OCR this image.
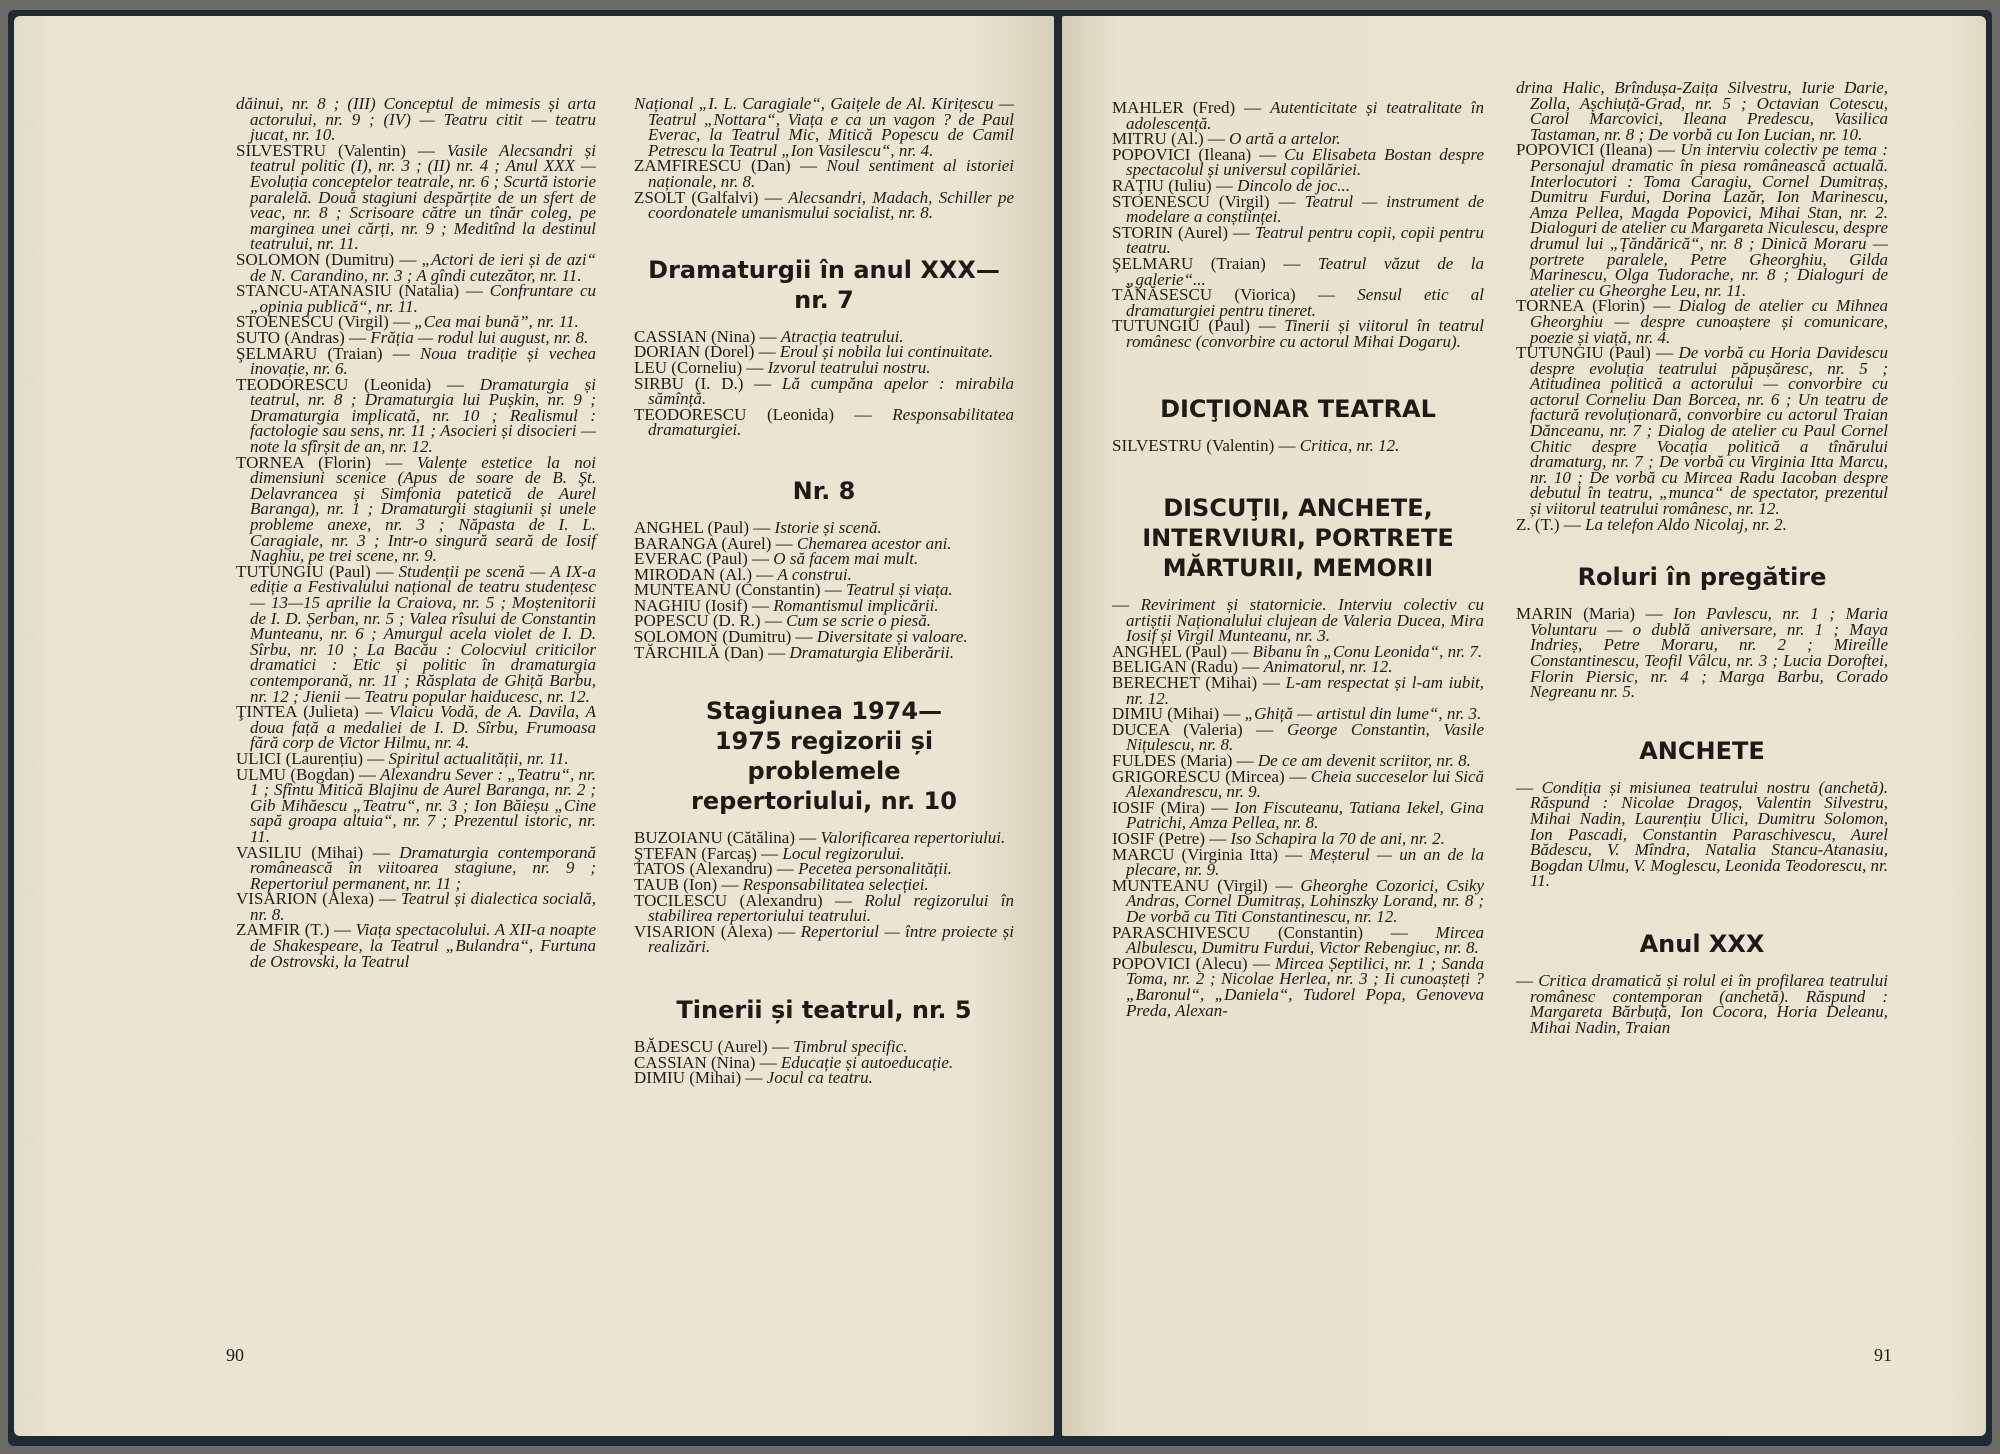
dăinui, nr. 8 ; (III) Conceptul de mimesis și arta actorului, nr. 9 ; (IV) — Teatru citit — teatru jucat, nr. 10.
SILVESTRU (Valentin) — Vasile Alecsandri și teatrul politic (I), nr. 3 ; (II) nr. 4 ; Anul XXX — Evoluția conceptelor teatrale, nr. 6 ; Scurtă istorie paralelă. Două stagiuni despărțite de un sfert de veac, nr. 8 ; Scrisoare către un tînăr coleg, pe marginea unei cărți, nr. 9 ; Meditînd la destinul teatrului, nr. 11.
SOLOMON (Dumitru) — „Actori de ieri și de azi“ de N. Carandino, nr. 3 ; A gîndi cutezător, nr. 11.
STANCU-ATANASIU (Natalia) — Confruntare cu „opinia publică“, nr. 11.
STOENESCU (Virgil) — „Cea mai bună”, nr. 11.
SUTO (Andras) — Frăția — rodul lui august, nr. 8.
ŞELMARU (Traian) — Noua tradiție și vechea inovație, nr. 6.
TEODORESCU (Leonida) — Dramaturgia și teatrul, nr. 8 ; Dramaturgia lui Pușkin, nr. 9 ; Dramaturgia implicată, nr. 10 ; Realismul : factologie sau sens, nr. 11 ; Asocieri și disocieri — note la sfîrșit de an, nr. 12.
TORNEA (Florin) — Valențe estetice la noi dimensiuni scenice (Apus de soare de B. Şt. Delavrancea și Simfonia patetică de Aurel Baranga), nr. 1 ; Dramaturgii stagiunii și unele probleme anexe, nr. 3 ; Năpasta de I. L. Caragiale, nr. 3 ; Intr-o singură seară de Iosif Naghiu, pe trei scene, nr. 9.
TUTUNGIU (Paul) — Studenții pe scenă — A IX-a ediție a Festivalului național de teatru studențesc — 13—15 aprilie la Craiova, nr. 5 ; Moștenitorii de I. D. Șerban, nr. 5 ; Valea rîsului de Constantin Munteanu, nr. 6 ; Amurgul acela violet de I. D. Sîrbu, nr. 10 ; La Bacău : Colocviul criticilor dramatici : Etic și politic în dramaturgia contemporană, nr. 11 ; Răsplata de Ghiță Barbu, nr. 12 ; Jienii — Teatru popular haiducesc, nr. 12.
ŢINTEA (Julieta) — Vlaicu Vodă, de A. Davila, A doua față a medaliei de I. D. Sîrbu, Frumoasa fără corp de Victor Hilmu, nr. 4.
ULICI (Laurențiu) — Spiritul actualității, nr. 11.
ULMU (Bogdan) — Alexandru Sever : „Teatru“, nr. 1 ; Sfîntu Mitică Blajinu de Aurel Baranga, nr. 2 ; Gib Mihăescu „Teatru“, nr. 3 ; Ion Băieșu „Cine sapă groapa altuia“, nr. 7 ; Prezentul istoric, nr. 11.
VASILIU (Mihai) — Dramaturgia contemporană românească în viitoarea stagiune, nr. 9 ; Repertoriul permanent, nr. 11 ;
VISARION (Alexa) — Teatrul și dialectica socială, nr. 8.
ZAMFIR (T.) — Viața spectacolului. A XII-a noapte de Shakespeare, la Teatrul „Bulandra“, Furtuna de Ostrovski, la Teatrul
Național „I. L. Caragiale“, Gaițele de Al. Kirițescu — Teatrul „Nottara“, Viața e ca un vagon ? de Paul Everac, la Teatrul Mic, Mitică Popescu de Camil Petrescu la Teatrul „Ion Vasilescu“, nr. 4.
ZAMFIRESCU (Dan) — Noul sentiment al istoriei naționale, nr. 8.
ZSOLT (Galfalvi) — Alecsandri, Madach, Schiller pe coordonatele umanismului socialist, nr. 8.
Dramaturgii în anul XXX—nr. 7
CASSIAN (Nina) — Atracția teatrului.
DORIAN (Dorel) — Eroul și nobila lui continuitate.
LEU (Corneliu) — Izvorul teatrului nostru.
SIRBU (I. D.) — Lă cumpăna apelor : mirabila sămînță.
TEODORESCU (Leonida) — Responsabilitatea dramaturgiei.
Nr. 8
ANGHEL (Paul) — Istorie și scenă.
BARANGA (Aurel) — Chemarea acestor ani.
EVERAC (Paul) — O să facem mai mult.
MIRODAN (Al.) — A construi.
MUNTEANU (Constantin) — Teatrul și viața.
NAGHIU (Iosif) — Romantismul implicării.
POPESCU (D. R.) — Cum se scrie o piesă.
SOLOMON (Dumitru) — Diversitate și valoare.
TĂRCHILĂ (Dan) — Dramaturgia Eliberării.
Stagiunea 1974—1975 regizorii și problemele repertoriului, nr. 10
BUZOIANU (Cătălina) — Valorificarea repertoriului.
ŞTEFAN (Farcaș) — Locul regizorului.
TATOS (Alexandru) — Pecetea personalității.
TAUB (Ion) — Responsabilitatea selecției.
TOCILESCU (Alexandru) — Rolul regizorului în stabilirea repertoriului teatrului.
VISARION (Alexa) — Repertoriul — între proiecte și realizări.
Tinerii și teatrul, nr. 5
BĂDESCU (Aurel) — Timbrul specific.
CASSIAN (Nina) — Educație și autoeducație.
DIMIU (Mihai) — Jocul ca teatru.
90
MAHLER (Fred) — Autenticitate și teatralitate în adolescență.
MITRU (Al.) — O artă a artelor.
POPOVICI (Ileana) — Cu Elisabeta Bostan despre spectacolul și universul copilăriei.
RAŢIU (Iuliu) — Dincolo de joc...
STOENESCU (Virgil) — Teatrul — instrument de modelare a conștiinței.
STORIN (Aurel) — Teatrul pentru copii, copii pentru teatru.
ŞELMARU (Traian) — Teatrul văzut de la „galerie“...
TĂNĂSESCU (Viorica) — Sensul etic al dramaturgiei pentru tineret.
TUTUNGIU (Paul) — Tinerii și viitorul în teatrul românesc (convorbire cu actorul Mihai Dogaru).
DICŢIONAR TEATRAL
SILVESTRU (Valentin) — Critica, nr. 12.
DISCUŢII, ANCHETE, INTERVIURI, PORTRETE MĂRTURII, MEMORII
— Reviriment și statornicie. Interviu colectiv cu artiștii Naționalului clujean de Valeria Ducea, Mira Iosif și Virgil Munteanu, nr. 3.
ANGHEL (Paul) — Bibanu în „Conu Leonida“, nr. 7.
BELIGAN (Radu) — Animatorul, nr. 12.
BERECHET (Mihai) — L-am respectat și l-am iubit, nr. 12.
DIMIU (Mihai) — „Ghiță — artistul din lume“, nr. 3.
DUCEA (Valeria) — George Constantin, Vasile Nițulescu, nr. 8.
FULDES (Maria) — De ce am devenit scriitor, nr. 8.
GRIGORESCU (Mircea) — Cheia succeselor lui Sică Alexandrescu, nr. 9.
IOSIF (Mira) — Ion Fiscuteanu, Tatiana Iekel, Gina Patrichi, Amza Pellea, nr. 8.
IOSIF (Petre) — Iso Schapira la 70 de ani, nr. 2.
MARCU (Virginia Itta) — Meșterul — un an de la plecare, nr. 9.
MUNTEANU (Virgil) — Gheorghe Cozorici, Csiky Andras, Cornel Dumitraș, Lohinszky Lorand, nr. 8 ; De vorbă cu Titi Constantinescu, nr. 12.
PARASCHIVESCU (Constantin) — Mircea Albulescu, Dumitru Furdui, Victor Rebengiuc, nr. 8.
POPOVICI (Alecu) — Mircea Șeptilici, nr. 1 ; Sanda Toma, nr. 2 ; Nicolae Herlea, nr. 3 ; Ii cunoașteți ? „Baronul“, „Daniela“, Tudorel Popa, Genoveva Preda, Alexan-
drina Halic, Brîndușa-Zaița Silvestru, Iurie Darie, Zolla, Așchiuță-Grad, nr. 5 ; Octavian Cotescu, Carol Marcovici, Ileana Predescu, Vasilica Tastaman, nr. 8 ; De vorbă cu Ion Lucian, nr. 10.
POPOVICI (Ileana) — Un interviu colectiv pe tema : Personajul dramatic în piesa românească actuală. Interlocutori : Toma Caragiu, Cornel Dumitraș, Dumitru Furdui, Dorina Lazăr, Ion Marinescu, Amza Pellea, Magda Popovici, Mihai Stan, nr. 2. Dialoguri de atelier cu Margareta Niculescu, despre drumul lui „Țăndărică“, nr. 8 ; Dinică Moraru — portrete paralele, Petre Gheorghiu, Gilda Marinescu, Olga Tudorache, nr. 8 ; Dialoguri de atelier cu Gheorghe Leu, nr. 11.
TORNEA (Florin) — Dialog de atelier cu Mihnea Gheorghiu — despre cunoaștere și comunicare, poezie și viață, nr. 4.
TUTUNGIU (Paul) — De vorbă cu Horia Davidescu despre evoluția teatrului păpușăresc, nr. 5 ; Atitudinea politică a actorului — convorbire cu actorul Corneliu Dan Borcea, nr. 6 ; Un teatru de factură revoluționară, convorbire cu actorul Traian Dănceanu, nr. 7 ; Dialog de atelier cu Paul Cornel Chitic despre Vocația politică a tînărului dramaturg, nr. 7 ; De vorbă cu Virginia Itta Marcu, nr. 10 ; De vorbă cu Mircea Radu Iacoban despre debutul în teatru, „munca“ de spectator, prezentul și viitorul teatrului românesc, nr. 12.
Z. (T.) — La telefon Aldo Nicolaj, nr. 2.
Roluri în pregătire
MARIN (Maria) — Ion Pavlescu, nr. 1 ; Maria Voluntaru — o dublă aniversare, nr. 1 ; Maya Indrieș, Petre Moraru, nr. 2 ; Mireille Constantinescu, Teofil Vâlcu, nr. 3 ; Lucia Doroftei, Florin Piersic, nr. 4 ; Marga Barbu, Corado Negreanu nr. 5.
ANCHETE
— Condiția și misiunea teatrului nostru (anchetă). Răspund : Nicolae Dragoș, Valentin Silvestru, Mihai Nadin, Laurențiu Ulici, Dumitru Solomon, Ion Pascadi, Constantin Paraschivescu, Aurel Bădescu, V. Mîndra, Natalia Stancu-Atanasiu, Bogdan Ulmu, V. Moglescu, Leonida Teodorescu, nr. 11.
Anul XXX
— Critica dramatică și rolul ei în profilarea teatrului românesc contemporan (anchetă). Răspund : Margareta Bărbuță, Ion Cocora, Horia Deleanu, Mihai Nadin, Traian
91
